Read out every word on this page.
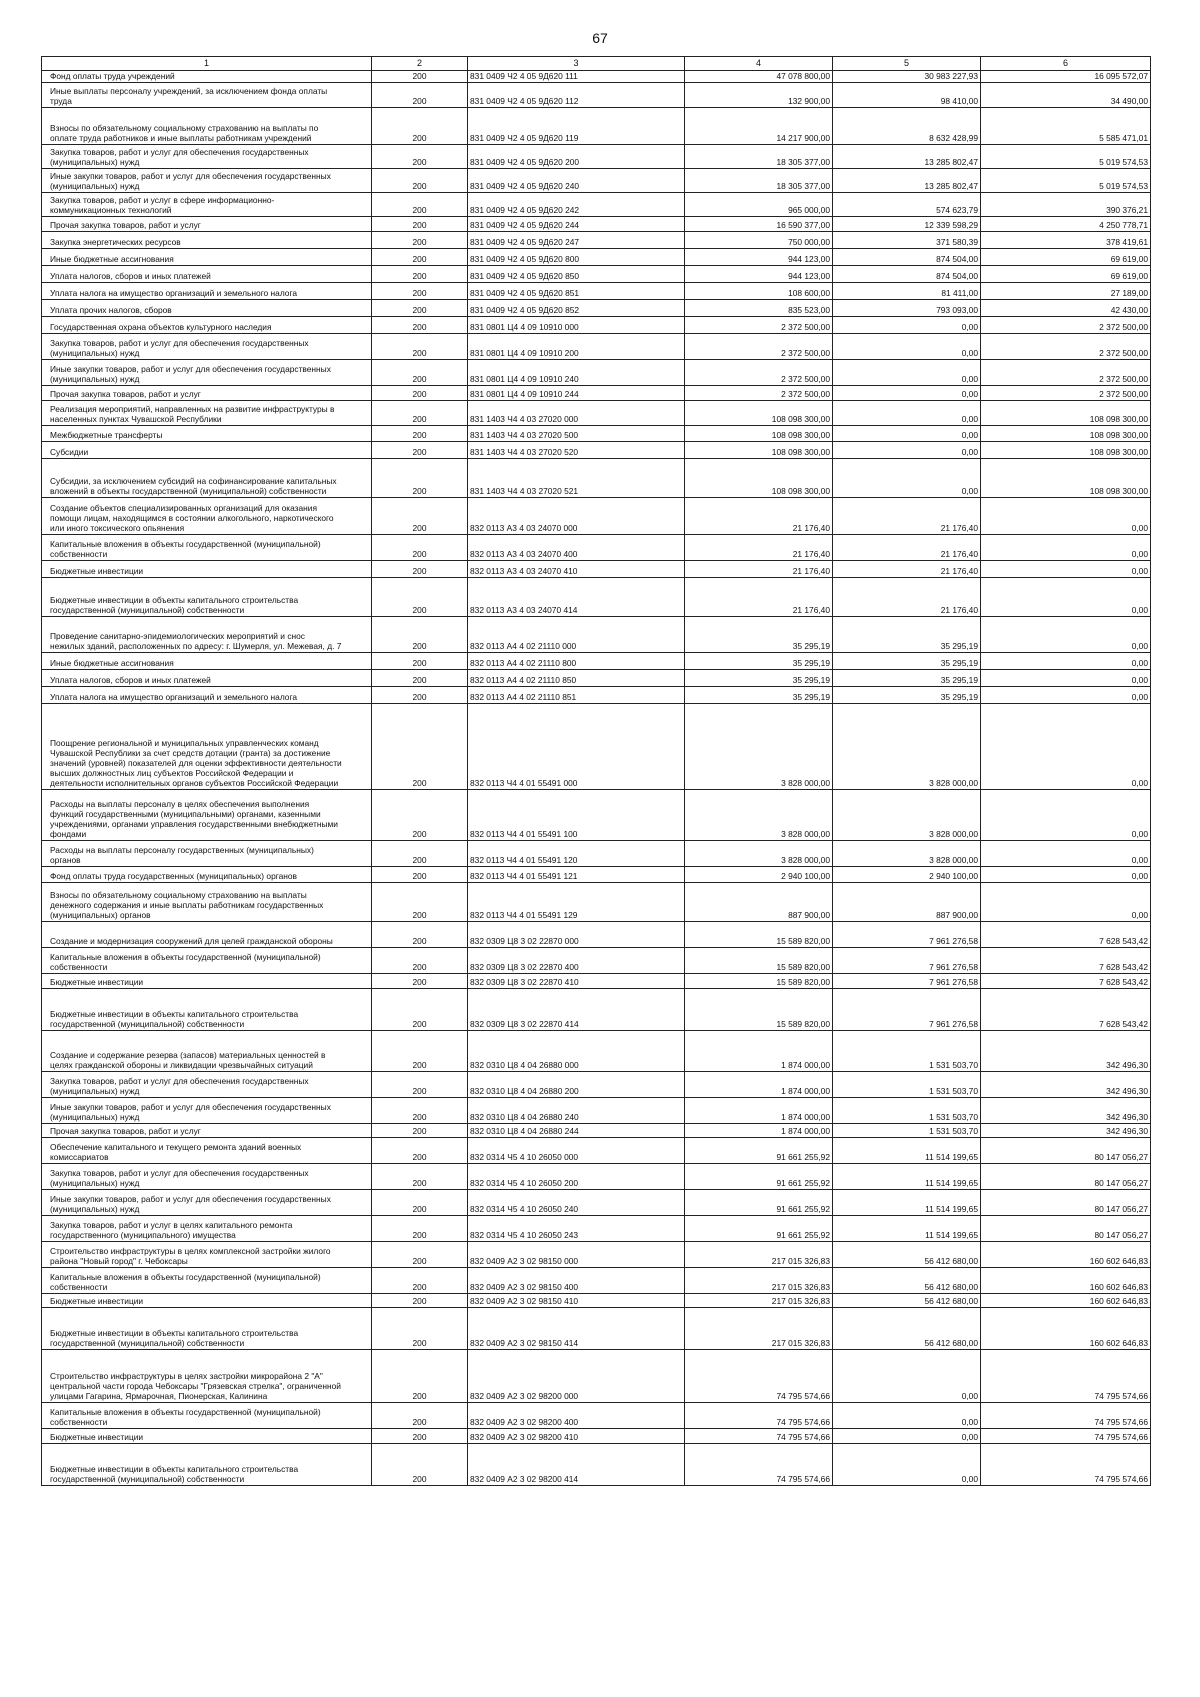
67
1	2	3	4	5	6

Фонд оплаты труда учреждений	200	831 0409 Ч2 4 05 9Д620 111	47 078 800,00	30 983 227,93	16 095 572,07

Иные выплаты персоналу учреждений, за исключением фонда оплаты
труда	200	831 0409 Ч2 4 05 9Д620 112	132 900,00	98 410,00	34 490,00

Взносы по обязательному социальному страхованию на выплаты по
оплате труда работников и иные выплаты работникам учреждений	200	831 0409 Ч2 4 05 9Д620 119	14 217 900,00	8 632 428,99	5 585 471,01

Закупка товаров, работ и услуг для обеспечения государственных
(муниципальных) нужд	200	831 0409 Ч2 4 05 9Д620 200	18 305 377,00	13 285 802,47	5 019 574,53

Иные закупки товаров, работ и услуг для обеспечения государственных
(муниципальных) нужд	200	831 0409 Ч2 4 05 9Д620 240	18 305 377,00	13 285 802,47	5 019 574,53

Закупка товаров, работ и услуг в сфере информационно-
коммуникационных технологий	200	831 0409 Ч2 4 05 9Д620 242	965 000,00	574 623,79	390 376,21

Прочая закупка товаров, работ и услуг	200	831 0409 Ч2 4 05 9Д620 244	16 590 377,00	12 339 598,29	4 250 778,71

Закупка энергетических ресурсов	200	831 0409 Ч2 4 05 9Д620 247	750 000,00	371 580,39	378 419,61

Иные бюджетные ассигнования	200	831 0409 Ч2 4 05 9Д620 800	944 123,00	874 504,00	69 619,00

Уплата налогов, сборов и иных платежей	200	831 0409 Ч2 4 05 9Д620 850	944 123,00	874 504,00	69 619,00

Уплата налога на имущество организаций и земельного налога	200	831 0409 Ч2 4 05 9Д620 851	108 600,00	81 411,00	27 189,00

Уплата прочих налогов, сборов	200	831 0409 Ч2 4 05 9Д620 852	835 523,00	793 093,00	42 430,00

Государственная охрана объектов культурного наследия	200	831 0801 Ц4 4 09 10910 000	2 372 500,00	0,00	2 372 500,00

Закупка товаров, работ и услуг для обеспечения государственных
(муниципальных) нужд	200	831 0801 Ц4 4 09 10910 200	2 372 500,00	0,00	2 372 500,00

Иные закупки товаров, работ и услуг для обеспечения государственных
(муниципальных) нужд	200	831 0801 Ц4 4 09 10910 240	2 372 500,00	0,00	2 372 500,00

Прочая закупка товаров, работ и услуг	200	831 0801 Ц4 4 09 10910 244	2 372 500,00	0,00	2 372 500,00

Реализация мероприятий, направленных на развитие инфраструктуры в
населенных пунктах Чувашской Республики	200	831 1403 Ч4 4 03 27020 000	108 098 300,00	0,00	108 098 300,00

Межбюджетные трансферты	200	831 1403 Ч4 4 03 27020 500	108 098 300,00	0,00	108 098 300,00

Субсидии	200	831 1403 Ч4 4 03 27020 520	108 098 300,00	0,00	108 098 300,00

Субсидии, за исключением субсидий на софинансирование капитальных
вложений в объекты государственной (муниципальной) собственности	200	831 1403 Ч4 4 03 27020 521	108 098 300,00	0,00	108 098 300,00

Создание объектов специализированных организаций для оказания
помощи лицам, находящимся в состоянии алкогольного, наркотического
или иного токсического опьянения	200	832 0113 А3 4 03 24070 000	21 176,40	21 176,40	0,00

Капитальные вложения в объекты государственной (муниципальной)
собственности	200	832 0113 А3 4 03 24070 400	21 176,40	21 176,40	0,00

Бюджетные инвестиции	200	832 0113 А3 4 03 24070 410	21 176,40	21 176,40	0,00

Бюджетные инвестиции в объекты капитального строительства
государственной (муниципальной) собственности	200	832 0113 А3 4 03 24070 414	21 176,40	21 176,40	0,00

Проведение санитарно-эпидемиологических мероприятий и снос
нежилых зданий, расположенных по адресу: г. Шумерля, ул. Межевая, д. 7	200	832 0113 А4 4 02 21110 000	35 295,19	35 295,19	0,00

Иные бюджетные ассигнования	200	832 0113 А4 4 02 21110 800	35 295,19	35 295,19	0,00

Уплата налогов, сборов и иных платежей	200	832 0113 А4 4 02 21110 850	35 295,19	35 295,19	0,00

Уплата налога на имущество организаций и земельного налога	200	832 0113 А4 4 02 21110 851	35 295,19	35 295,19	0,00

Поощрение региональной и муниципальных управленческих команд
Чувашской Республики за счет средств дотации (гранта) за достижение
значений (уровней) показателей для оценки эффективности деятельности
высших должностных лиц субъектов Российской Федерации и
деятельности исполнительных органов субъектов Российской Федерации	200	832 0113 Ч4 4 01 55491 000	3 828 000,00	3 828 000,00	0,00

Расходы на выплаты персоналу в целях обеспечения выполнения
функций государственными (муниципальными) органами, казенными
учреждениями, органами управления государственными внебюджетными
фондами	200	832 0113 Ч4 4 01 55491 100	3 828 000,00	3 828 000,00	0,00

Расходы на выплаты персоналу государственных (муниципальных)
органов	200	832 0113 Ч4 4 01 55491 120	3 828 000,00	3 828 000,00	0,00

Фонд оплаты труда государственных (муниципальных) органов	200	832 0113 Ч4 4 01 55491 121	2 940 100,00	2 940 100,00	0,00

Взносы по обязательному социальному страхованию на выплаты
денежного содержания и иные выплаты работникам государственных
(муниципальных) органов	200	832 0113 Ч4 4 01 55491 129	887 900,00	887 900,00	0,00

Создание и модернизация сооружений для целей гражданской обороны	200	832 0309 Ц8 3 02 22870 000	15 589 820,00	7 961 276,58	7 628 543,42

Капитальные вложения в объекты государственной (муниципальной)
собственности	200	832 0309 Ц8 3 02 22870 400	15 589 820,00	7 961 276,58	7 628 543,42

Бюджетные инвестиции	200	832 0309 Ц8 3 02 22870 410	15 589 820,00	7 961 276,58	7 628 543,42

Бюджетные инвестиции в объекты капитального строительства
государственной (муниципальной) собственности	200	832 0309 Ц8 3 02 22870 414	15 589 820,00	7 961 276,58	7 628 543,42

Создание и содержание резерва (запасов) материальных ценностей в
целях гражданской обороны и ликвидации чрезвычайных ситуаций	200	832 0310 Ц8 4 04 26880 000	1 874 000,00	1 531 503,70	342 496,30

Закупка товаров, работ и услуг для обеспечения государственных
(муниципальных) нужд	200	832 0310 Ц8 4 04 26880 200	1 874 000,00	1 531 503,70	342 496,30

Иные закупки товаров, работ и услуг для обеспечения государственных
(муниципальных) нужд	200	832 0310 Ц8 4 04 26880 240	1 874 000,00	1 531 503,70	342 496,30

Прочая закупка товаров, работ и услуг	200	832 0310 Ц8 4 04 26880 244	1 874 000,00	1 531 503,70	342 496,30

Обеспечение капитального и текущего ремонта зданий военных
комиссариатов	200	832 0314 Ч5 4 10 26050 000	91 661 255,92	11 514 199,65	80 147 056,27

Закупка товаров, работ и услуг для обеспечения государственных
(муниципальных) нужд	200	832 0314 Ч5 4 10 26050 200	91 661 255,92	11 514 199,65	80 147 056,27

Иные закупки товаров, работ и услуг для обеспечения государственных
(муниципальных) нужд	200	832 0314 Ч5 4 10 26050 240	91 661 255,92	11 514 199,65	80 147 056,27

Закупка товаров, работ и услуг в целях капитального ремонта
государственного (муниципального) имущества	200	832 0314 Ч5 4 10 26050 243	91 661 255,92	11 514 199,65	80 147 056,27

Строительство инфраструктуры в целях комплексной застройки жилого
района "Новый город" г. Чебоксары	200	832 0409 А2 3 02 98150 000	217 015 326,83	56 412 680,00	160 602 646,83

Капитальные вложения в объекты государственной (муниципальной)
собственности	200	832 0409 А2 3 02 98150 400	217 015 326,83	56 412 680,00	160 602 646,83

Бюджетные инвестиции	200	832 0409 А2 3 02 98150 410	217 015 326,83	56 412 680,00	160 602 646,83

Бюджетные инвестиции в объекты капитального строительства
государственной (муниципальной) собственности	200	832 0409 А2 3 02 98150 414	217 015 326,83	56 412 680,00	160 602 646,83

Строительство инфраструктуры в целях застройки микрорайона 2 "А"
центральной части города Чебоксары "Грязевская стрелка", ограниченной
улицами Гагарина, Ярмарочная, Пионерская, Калинина	200	832 0409 А2 3 02 98200 000	74 795 574,66	0,00	74 795 574,66

Капитальные вложения в объекты государственной (муниципальной)
собственности	200	832 0409 А2 3 02 98200 400	74 795 574,66	0,00	74 795 574,66

Бюджетные инвестиции	200	832 0409 А2 3 02 98200 410	74 795 574,66	0,00	74 795 574,66

Бюджетные инвестиции в объекты капитального строительства
государственной (муниципальной) собственности	200	832 0409 А2 3 02 98200 414	74 795 574,66	0,00	74 795 574,66
